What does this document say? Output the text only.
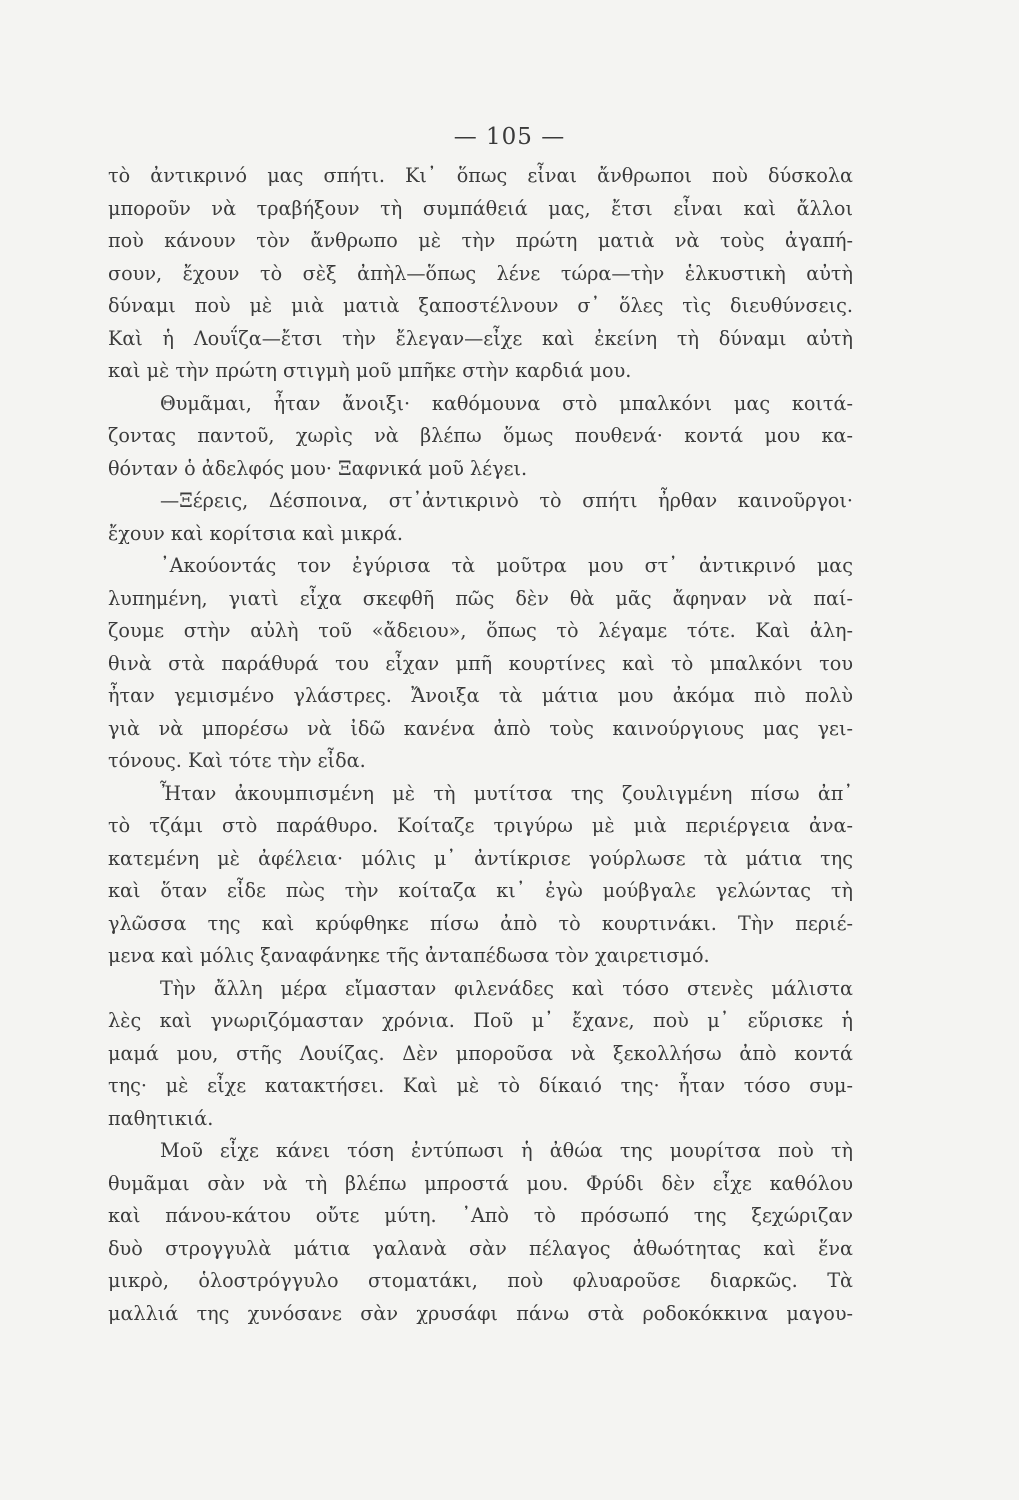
— 105 —
τὸ ἀντικρινό μας σπήτι. Κι᾿ ὅπως εἶναι ἄνθρωποι ποὺ δύσκολα
μποροῦν νὰ τραβήξουν τὴ συμπάθειά μας, ἔτσι εἶναι καὶ ἄλλοι
ποὺ κάνουν τὸν ἄνθρωπο μὲ τὴν πρώτη ματιὰ νὰ τοὺς ἀγαπή-
σουν, ἔχουν τὸ σὲξ ἀπὴλ—ὅπως λένε τώρα—τὴν ἑλκυστικὴ αὐτὴ
δύναμι ποὺ μὲ μιὰ ματιὰ ξαποστέλνουν σ᾿ ὅλες τὶς διευθύνσεις.
Καὶ ἡ Λουΐζα—ἔτσι τὴν ἔλεγαν—εἶχε καὶ ἐκείνη τὴ δύναμι αὐτὴ
καὶ μὲ τὴν πρώτη στιγμὴ μοῦ μπῆκε στὴν καρδιά μου.
Θυμᾶμαι, ἦταν ἄνοιξι· καθόμουνα στὸ μπαλκόνι μας κοιτά-
ζοντας παντοῦ, χωρὶς νὰ βλέπω ὅμως πουθενά· κοντά μου κα-
θόνταν ὁ ἀδελφός μου· Ξαφνικά μοῦ λέγει.
—Ξέρεις, Δέσποινα, στ᾿ἀντικρινὸ τὸ σπήτι ἦρθαν καινοῦργοι·
ἔχουν καὶ κορίτσια καὶ μικρά.
᾿Ακούοντάς τον ἐγύρισα τὰ μοῦτρα μου στ᾿ ἀντικρινό μας
λυπημένη, γιατὶ εἶχα σκεφθῆ πῶς δὲν θὰ μᾶς ἄφηναν νὰ παί-
ζουμε στὴν αὐλὴ τοῦ «ἄδειου», ὅπως τὸ λέγαμε τότε. Καὶ ἀλη-
θινὰ στὰ παράθυρά του εἶχαν μπῆ κουρτίνες καὶ τὸ μπαλκόνι του
ἦταν γεμισμένο γλάστρες. Ἄνοιξα τὰ μάτια μου ἀκόμα πιὸ πολὺ
γιὰ νὰ μπορέσω νὰ ἰδῶ κανένα ἀπὸ τοὺς καινούργιους μας γει-
τόνους. Καὶ τότε τὴν εἶδα.
Ἦταν ἀκουμπισμένη μὲ τὴ μυτίτσα της ζουλιγμένη πίσω ἀπ᾿
τὸ τζάμι στὸ παράθυρο. Κοίταζε τριγύρω μὲ μιὰ περιέργεια ἀνα-
κατεμένη μὲ ἀφέλεια· μόλις μ᾿ ἀντίκρισε γούρλωσε τὰ μάτια της
καὶ ὅταν εἶδε πὼς τὴν κοίταζα κι᾿ ἐγὼ μούβγαλε γελώντας τὴ
γλῶσσα της καὶ κρύφθηκε πίσω ἀπὸ τὸ κουρτινάκι. Τὴν περιέ-
μενα καὶ μόλις ξαναφάνηκε τῆς ἀνταπέδωσα τὸν χαιρετισμό.
Τὴν ἄλλη μέρα εἴμασταν φιλενάδες καὶ τόσο στενὲς μάλιστα
λὲς καὶ γνωριζόμασταν χρόνια. Ποῦ μ᾿ ἔχανε, ποὺ μ᾿ εὕρισκε ἡ
μαμά μου, στῆς Λουίζας. Δὲν μποροῦσα νὰ ξεκολλήσω ἀπὸ κοντά
της· μὲ εἶχε κατακτήσει. Καὶ μὲ τὸ δίκαιό της· ἦταν τόσο συμ-
παθητικιά.
Μοῦ εἶχε κάνει τόση ἐντύπωσι ἡ ἀθώα της μουρίτσα ποὺ τὴ
θυμᾶμαι σὰν νὰ τὴ βλέπω μπροστά μου. Φρύδι δὲν εἶχε καθόλου
καὶ πάνου-κάτου οὔτε μύτη. ᾿Απὸ τὸ πρόσωπό της ξεχώριζαν
δυὸ στρογγυλὰ μάτια γαλανὰ σὰν πέλαγος ἀθωότητας καὶ ἕνα
μικρὸ, ὁλοστρόγγυλο στοματάκι, ποὺ φλυαροῦσε διαρκῶς. Τὰ
μαλλιά της χυνόσανε σὰν χρυσάφι πάνω στὰ ροδοκόκκινα μαγου-
